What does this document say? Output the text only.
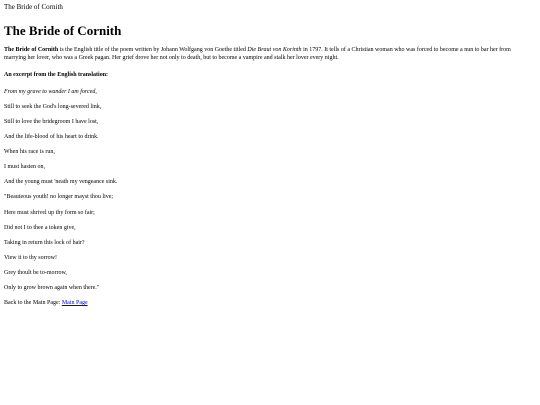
The Bride of Cornith

The Bride of Cornith

The Bride of Cornith is the English title of the poem written by Johann Wolfgang von Goethe titled Die Braut von Korinth in 1797. It tells of a Christian woman who was forced to become a nun to bar her from marrying her lover, who was a Greek pagan. Her grief drove her not only to death, but to become a vampire and stalk her lover every night.

An excerpt from the English translation:

From my grave to wander I am forced,

Still to seek the God's long-severed link,

Still to love the bridegroom I have lost,

And the life-blood of his heart to drink.

When his race is run,

I must hasten on,

And the young must 'neath my vengeance sink.

"Beauteous youth! no longer mayst thou live;

Here must shrivel up thy form so fair;

Did not I to thee a token give,

Taking in return this lock of hair?

View it to thy sorrow!

Grey thoult be to-morrow,

Only to grow brown again when there."

Back to the Main Page: Main Page
